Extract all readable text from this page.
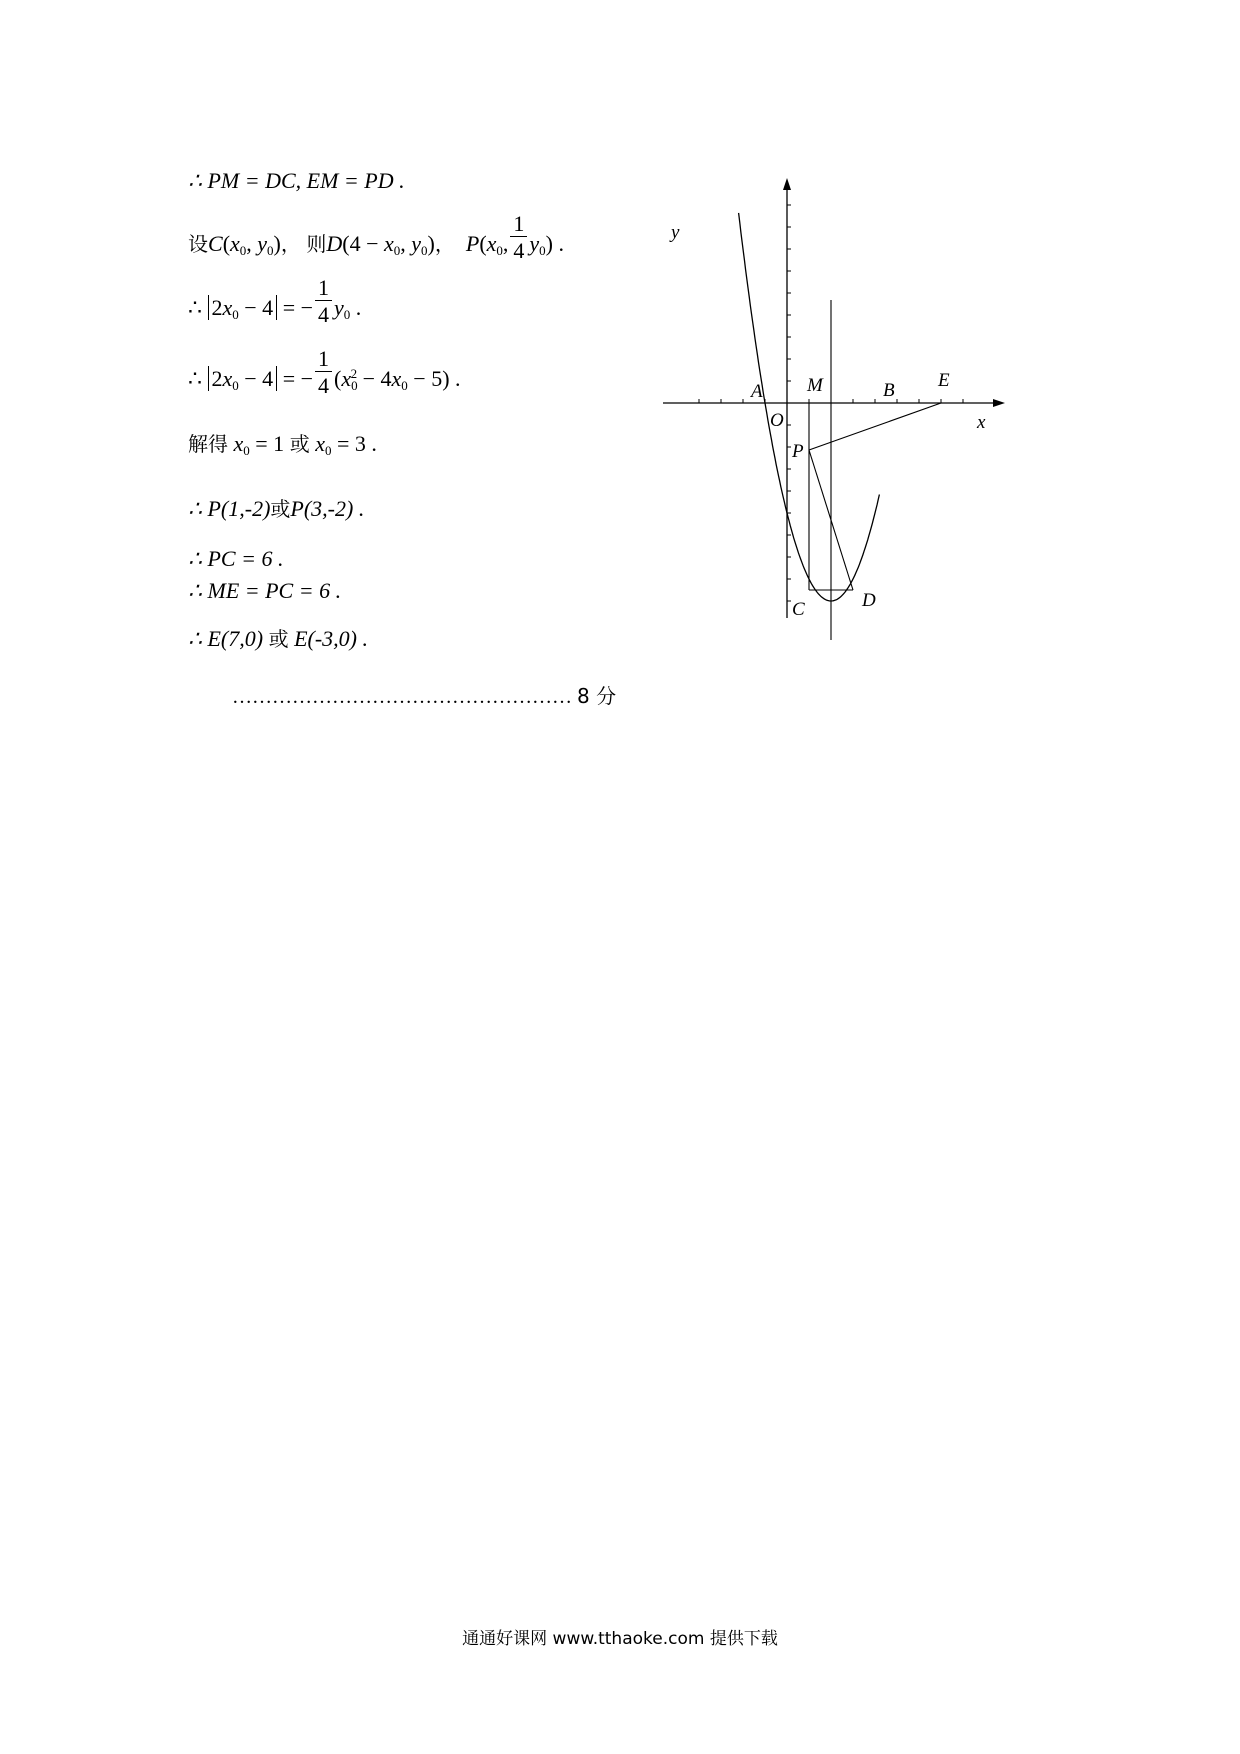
∴ PM = DC, EM = PD .
设$C(x_0$, $y_0$)， 则$D(4 - x_0$, $y_0$)， $P(x_0$, $\frac{1}{4} y_0$) .
∴ $2x_0 - 4$ = − $\frac{1}{4} y_0$ .
∴ $2x_0 - 4$ = − $\frac{1}{4} (x_0^2 - 4x_0 - 5)$ .
解得 $x_0 = 1$ 或 $x_0 = 3$ .
∴ P(1,-2)或P(3,-2) .
∴ PC = 6 .
∴ ME = PC = 6 .
∴ E(7,0) 或 E(-3,0) .
…………………………………………… 8 分
y
x
A
O
M	B E
P
C	D
通通好课网 www.tthaoke.com 提供下载
